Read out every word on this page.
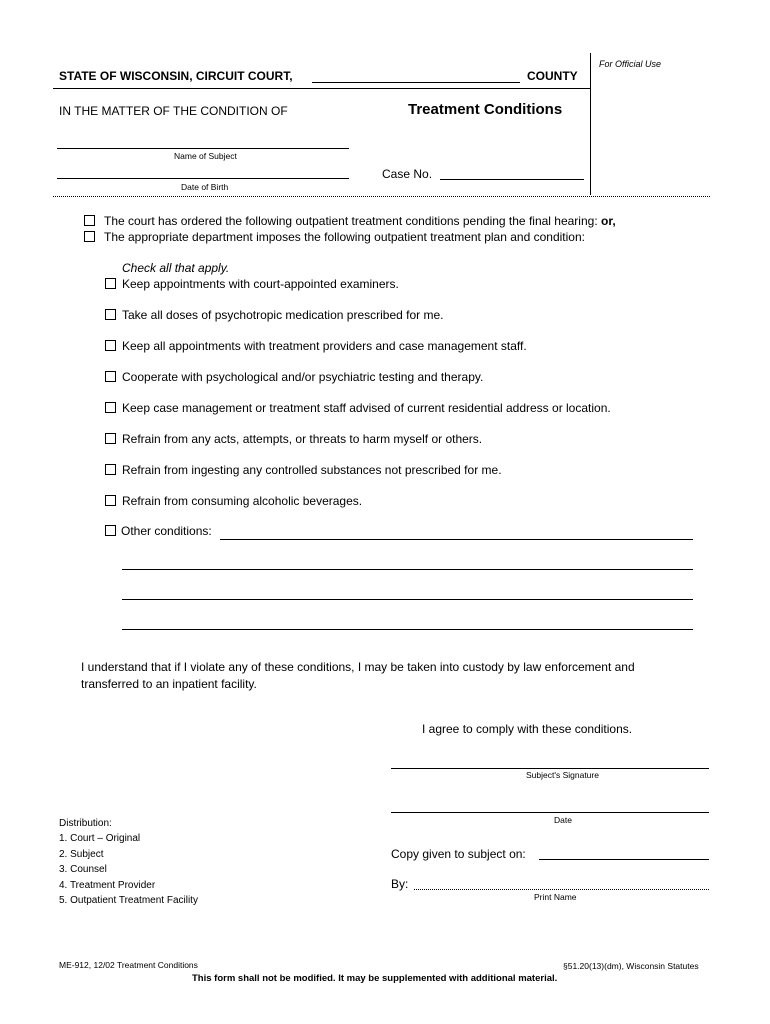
For Official Use
STATE OF WISCONSIN, CIRCUIT COURT,	COUNTY
IN THE MATTER OF THE CONDITION OF	Treatment Conditions
Name of Subject
Case No.
Date of Birth
The court has ordered the following outpatient treatment conditions pending the final hearing: or,
The appropriate department imposes the following outpatient treatment plan and condition:
Check all that apply.
Keep appointments with court-appointed examiners.
Take all doses of psychotropic medication prescribed for me.
Keep all appointments with treatment providers and case management staff.
Cooperate with psychological and/or psychiatric testing and therapy.
Keep case management or treatment staff advised of current residential address or location.
Refrain from any acts, attempts, or threats to harm myself or others.
Refrain from ingesting any controlled substances not prescribed for me.
Refrain from consuming alcoholic beverages.
Other conditions:
I understand that if I violate any of these conditions, I may be taken into custody by law enforcement and
transferred to an inpatient facility.
I agree to comply with these conditions.
Subject's Signature
Date
Copy given to subject on:
By:
Print Name
Distribution:
1. Court – Original
2. Subject
3. Counsel
4. Treatment Provider
5. Outpatient Treatment Facility
ME-912, 12/02 Treatment Conditions	§51.20(13)(dm), Wisconsin Statutes
This form shall not be modified. It may be supplemented with additional material.
